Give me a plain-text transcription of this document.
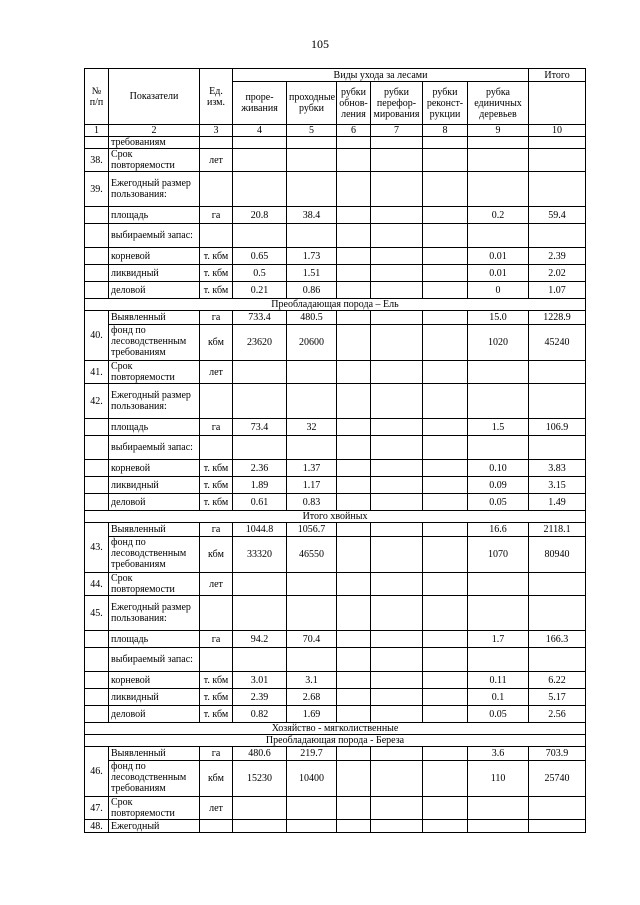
105
№ п/п	Показатели	Ед. изм.	Виды ухода за лесами						Итого
			проре-живания	проходные рубки	рубки обнов-ления	рубки перефор-мирования	рубки реконст-рукции	рубка единичных деревьев	
1	2	3	4	5	6	7	8	9	10
	требованиям								
38.	Срок повторяемости	лет							
39.	Ежегодный размер пользования:								
	площадь	га	20.8	38.4				0.2	59.4
	выбираемый запас:								
	корневой	т. кбм	0.65	1.73				0.01	2.39
	ликвидный	т. кбм	0.5	1.51				0.01	2.02
	деловой	т. кбм	0.21	0.86				0	1.07
Преобладающая порода – Ель									
40.	Выявленный	га	733.4	480.5				15.0	1228.9
	фонд по лесоводственным требованиям	кбм	23620	20600				1020	45240

41.	Срок повторяемости	лет							
42.	Ежегодный размер пользования:								
	площадь	га	73.4	32				1.5	106.9
	выбираемый запас:								
	корневой	т. кбм	2.36	1.37				0.10	3.83
	ликвидный	т. кбм	1.89	1.17				0.09	3.15
	деловой	т. кбм	0.61	0.83				0.05	1.49
Итого хвойных									
43.	Выявленный	га	1044.8	1056.7				16.6	2118.1
	фонд по лесоводственным требованиям	кбм	33320	46550				1070	80940

44.	Срок повторяемости	лет							
45.	Ежегодный размер пользования:								
	площадь	га	94.2	70.4				1.7	166.3
	выбираемый запас:								
	корневой	т. кбм	3.01	3.1				0.11	6.22
	ликвидный	т. кбм	2.39	2.68				0.1	5.17
	деловой	т. кбм	0.82	1.69				0.05	2.56
Хозяйство - мягколиственные									
Преобладающая порода - Береза									
46.	Выявленный	га	480.6	219.7				3.6	703.9
	фонд по лесоводственным требованиям	кбм	15230	10400				110	25740

47.	Срок повторяемости	лет							
48.	Ежегодный								
